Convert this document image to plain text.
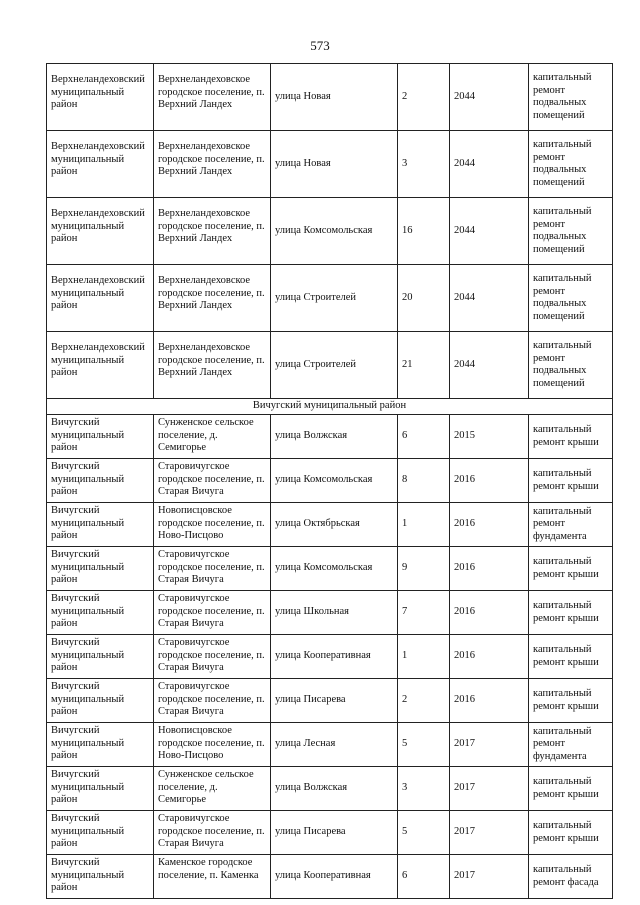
573
Верхнеландеховский муниципальный район	Верхнеландеховское городское поселение, п. Верхний Ландех	улица Новая	2	2044	капитальный ремонт подвальных помещений
Верхнеландеховский муниципальный район	Верхнеландеховское городское поселение, п. Верхний Ландех	улица Новая	3	2044	капитальный ремонт подвальных помещений
Верхнеландеховский муниципальный район	Верхнеландеховское городское поселение, п. Верхний Ландех	улица Комсомольская	16	2044	капитальный ремонт подвальных помещений
Верхнеландеховский муниципальный район	Верхнеландеховское городское поселение, п. Верхний Ландех	улица Строителей	20	2044	капитальный ремонт подвальных помещений
Верхнеландеховский муниципальный район	Верхнеландеховское городское поселение, п. Верхний Ландех	улица Строителей	21	2044	капитальный ремонт подвальных помещений
Вичугский муниципальный район					
Вичугский муниципальный район	Сунженское сельское поселение, д. Семигорье	улица Волжская	6	2015	капитальный ремонт крыши
Вичугский муниципальный район	Старовичугское городское поселение, п. Старая Вичуга	улица Комсомольская	8	2016	капитальный ремонт крыши
Вичугский муниципальный район	Новописцовское городское поселение, п. Ново-Писцово	улица Октябрьская	1	2016	капитальный ремонт фундамента
Вичугский муниципальный район	Старовичугское городское поселение, п. Старая Вичуга	улица Комсомольская	9	2016	капитальный ремонт крыши
Вичугский муниципальный район	Старовичугское городское поселение, п. Старая Вичуга	улица Школьная	7	2016	капитальный ремонт крыши
Вичугский муниципальный район	Старовичугское городское поселение, п. Старая Вичуга	улица Кооперативная	1	2016	капитальный ремонт крыши
Вичугский муниципальный район	Старовичугское городское поселение, п. Старая Вичуга	улица Писарева	2	2016	капитальный ремонт крыши
Вичугский муниципальный район	Новописцовское городское поселение, п. Ново-Писцово	улица Лесная	5	2017	капитальный ремонт фундамента
Вичугский муниципальный район	Сунженское сельское поселение, д. Семигорье	улица Волжская	3	2017	капитальный ремонт крыши
Вичугский муниципальный район	Старовичугское городское поселение, п. Старая Вичуга	улица Писарева	5	2017	капитальный ремонт крыши
Вичугский муниципальный район	Каменское городское поселение, п. Каменка	улица Кооперативная	6	2017	капитальный ремонт фасада
